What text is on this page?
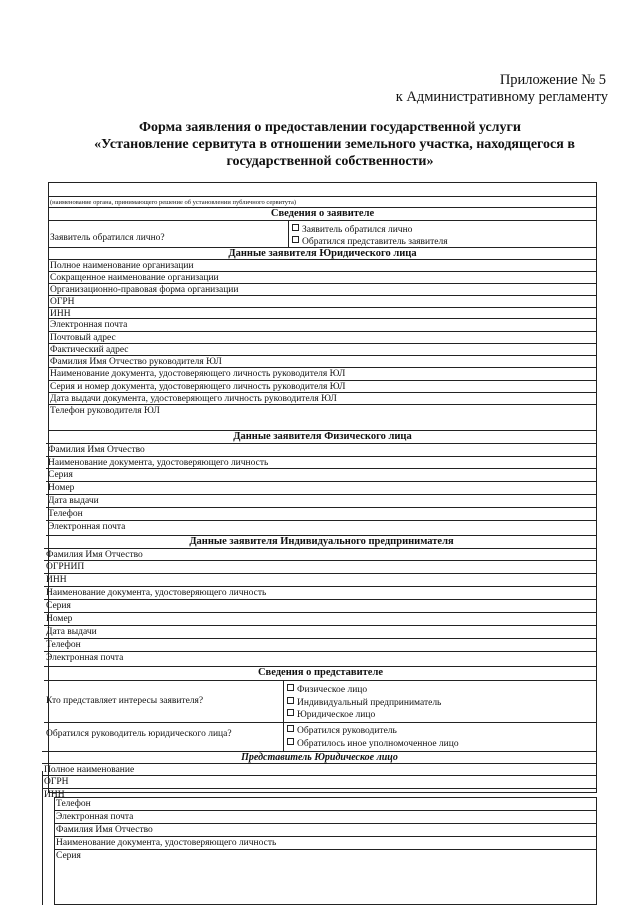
Приложение № 5
к Административному регламенту
Форма заявления о предоставлении государственной услуги
«Установление сервитута в отношении земельного участка, находящегося в
государственной собственности»
(наименование органа, принимающего решение об установлении публичного сервитута)
Сведения о заявителе
Заявитель обратился лично?
Заявитель обратился лично
Обратился представитель заявителя
Данные заявителя Юридического лица
Полное наименование организации
Сокращенное наименование организации
Организационно-правовая форма организации
ОГРН
ИНН
Электронная почта
Почтовый адрес
Фактический адрес
Фамилия Имя Отчество руководителя ЮЛ
Наименование документа, удостоверяющего личность руководителя ЮЛ
Серия и номер документа, удостоверяющего личность руководителя ЮЛ
Дата выдачи документа, удостоверяющего личность руководителя ЮЛ
Телефон руководителя ЮЛ
Данные заявителя Физического лица
Фамилия Имя Отчество
Наименование документа, удостоверяющего личность
Серия
Номер
Дата выдачи
Телефон
Электронная почта
Данные заявителя Индивидуального предпринимателя
Фамилия Имя Отчество
ОГРНИП
ИНН
Наименование документа, удостоверяющего личность
Серия
Номер
Дата выдачи
Телефон
Электронная почта
Сведения о представителе
Кто представляет интересы заявителя?
Физическое лицо
Индивидуальный предприниматель
Юридическое лицо
Обратился руководитель юридического лица?	Обратился руководитель
Обратилось иное уполномоченное лицо
Представитель Юридическое лицо
Полное наименование
ОГРН
ИНН
Телефон
Электронная почта
Фамилия Имя Отчество
Наименование документа, удостоверяющего личность
Серия
